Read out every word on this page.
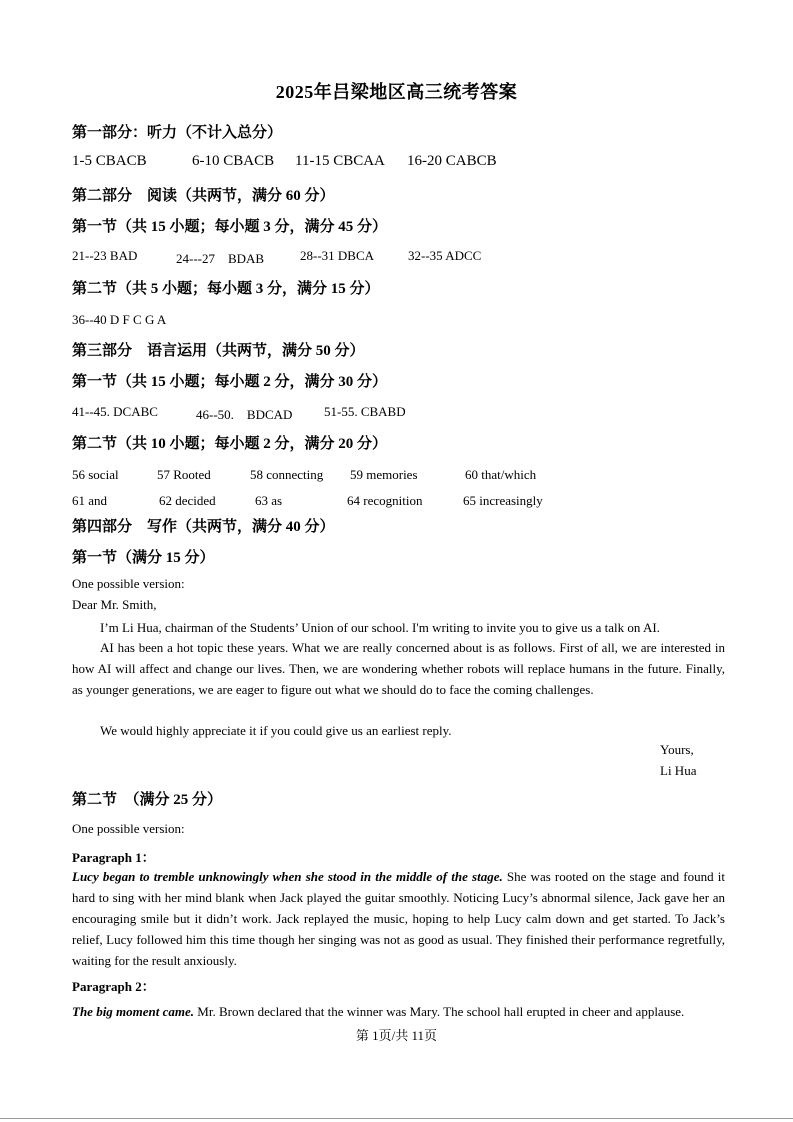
2025年吕梁地区高三统考答案
第一部分：听力（不计入总分）
1-5 CBACB	6-10 CBACB 11-15 CBCAA 16-20 CABCB
第二部分　阅读（共两节，满分 60 分）
第一节（共 15 小题；每小题 3 分，满分 45 分）
21--23 BAD	24---27　BDAB	28--31 DBCA	32--35 ADCC
第二节（共 5 小题；每小题 3 分，满分 15 分）
36--40 D F C G A
第三部分　语言运用（共两节，满分 50 分）
第一节（共 15 小题；每小题 2 分，满分 30 分）
41--45. DCABC	46--50.　BDCAD 51-55. CBABD
第二节（共 10 小题；每小题 2 分，满分 20 分）
56 social	57 Rooted	58 connecting 59 memories	60 that/which
61 and	62 decided	63 as	64 recognition	65 increasingly
第四部分　写作（共两节，满分 40 分）
第一节（满分 15 分）
One possible version:
Dear Mr. Smith,
I’m Li Hua, chairman of the Students’ Union of our school. I'm writing to invite you to give us a talk on AI.
AI has been a hot topic these years. What we are really concerned about is as follows. First of all, we are interested in how AI will affect and change our lives. Then, we are wondering whether robots will replace humans in the future. Finally, as younger generations, we are eager to figure out what we should do to face the coming challenges.
We would highly appreciate it if you could give us an earliest reply.
Yours,
Li Hua
第二节　（满分 25 分）
One possible version:
Paragraph 1：
Lucy began to tremble unknowingly when she stood in the middle of the stage. She was rooted on the stage and found it hard to sing with her mind blank when Jack played the guitar smoothly. Noticing Lucy’s abnormal silence, Jack gave her an encouraging smile but it didn’t work. Jack replayed the music, hoping to help Lucy calm down and get started. To Jack’s relief, Lucy followed him this time though her singing was not as good as usual. They finished their performance regretfully, waiting for the result anxiously.
Paragraph 2：
The big moment came. Mr. Brown declared that the winner was Mary. The school hall erupted in cheer and applause.
第 1页/共 11页
